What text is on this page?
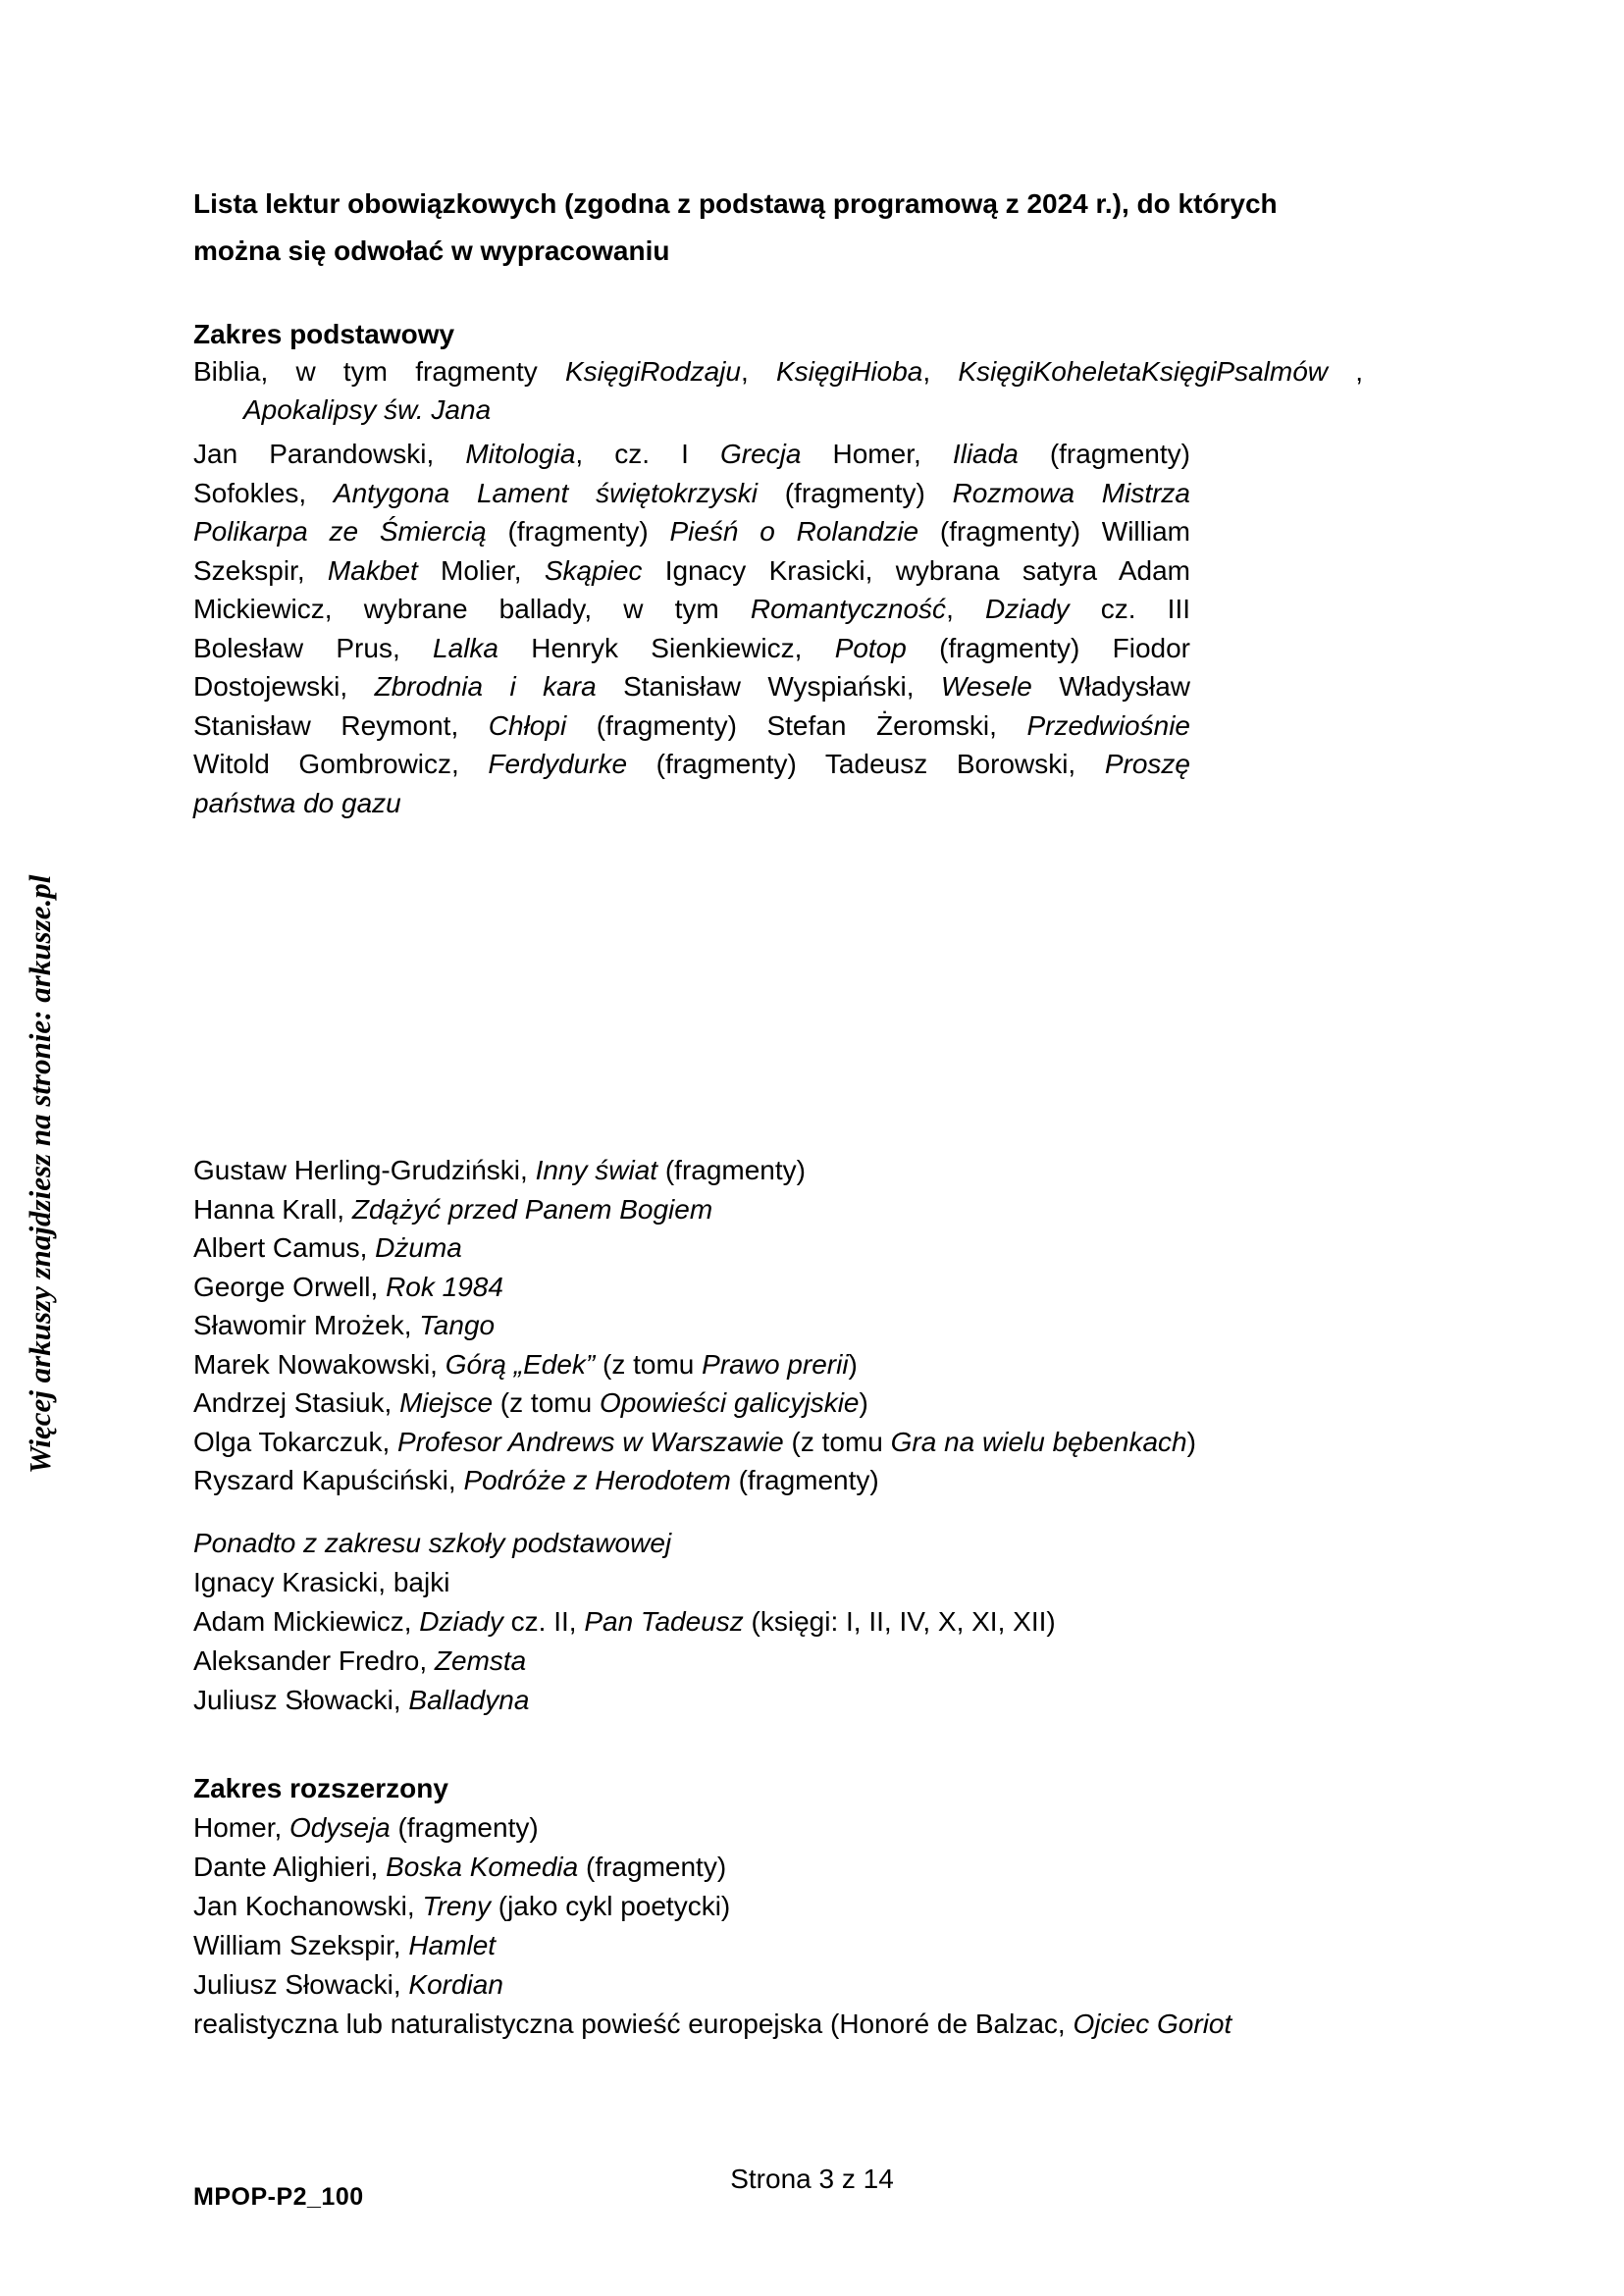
Więcej arkuszy znajdziesz na stronie: arkusze.pl
Lista lektur obowiązkowych (zgodna z podstawą programową z 2024 r.), do których
można się odwołać w wypracowaniu
Zakres podstawowy
Biblia, w tym fragmenty KsięgiRodzaju, KsięgiHioba, KsięgiKoheletaKsięgiPsalmów ,
Apokalipsy św. Jana
Jan Parandowski, Mitologia, cz. I Grecja Homer, Iliada (fragmenty)
Sofokles, Antygona Lament świętokrzyski (fragmenty) Rozmowa Mistrza
Polikarpa ze Śmiercią (fragmenty) Pieśń o Rolandzie (fragmenty) William
Szekspir, Makbet Molier, Skąpiec Ignacy Krasicki, wybrana satyra Adam
Mickiewicz, wybrane ballady, w tym Romantyczność, Dziady cz. III
Bolesław Prus, Lalka Henryk Sienkiewicz, Potop (fragmenty) Fiodor
Dostojewski, Zbrodnia i kara Stanisław Wyspiański, Wesele Władysław
Stanisław Reymont, Chłopi (fragmenty) Stefan Żeromski, Przedwiośnie
Witold Gombrowicz, Ferdydurke (fragmenty) Tadeusz Borowski, Proszę
państwa do gazu
Gustaw Herling-Grudziński, Inny świat (fragmenty)
Hanna Krall, Zdążyć przed Panem Bogiem
Albert Camus, Dżuma
George Orwell, Rok 1984
Sławomir Mrożek, Tango
Marek Nowakowski, Górą „Edek” (z tomu Prawo prerii)
Andrzej Stasiuk, Miejsce (z tomu Opowieści galicyjskie)
Olga Tokarczuk, Profesor Andrews w Warszawie (z tomu Gra na wielu bębenkach)
Ryszard Kapuściński, Podróże z Herodotem (fragmenty)
Ponadto z zakresu szkoły podstawowej
Ignacy Krasicki, bajki
Adam Mickiewicz, Dziady cz. II, Pan Tadeusz (księgi: I, II, IV, X, XI, XII)
Aleksander Fredro, Zemsta
Juliusz Słowacki, Balladyna
Zakres rozszerzony
Homer, Odyseja (fragmenty)
Dante Alighieri, Boska Komedia (fragmenty)
Jan Kochanowski, Treny (jako cykl poetycki)
William Szekspir, Hamlet
Juliusz Słowacki, Kordian
realistyczna lub naturalistyczna powieść europejska (Honoré de Balzac, Ojciec Goriot
Strona 3 z 14
MPOP-P2_100
